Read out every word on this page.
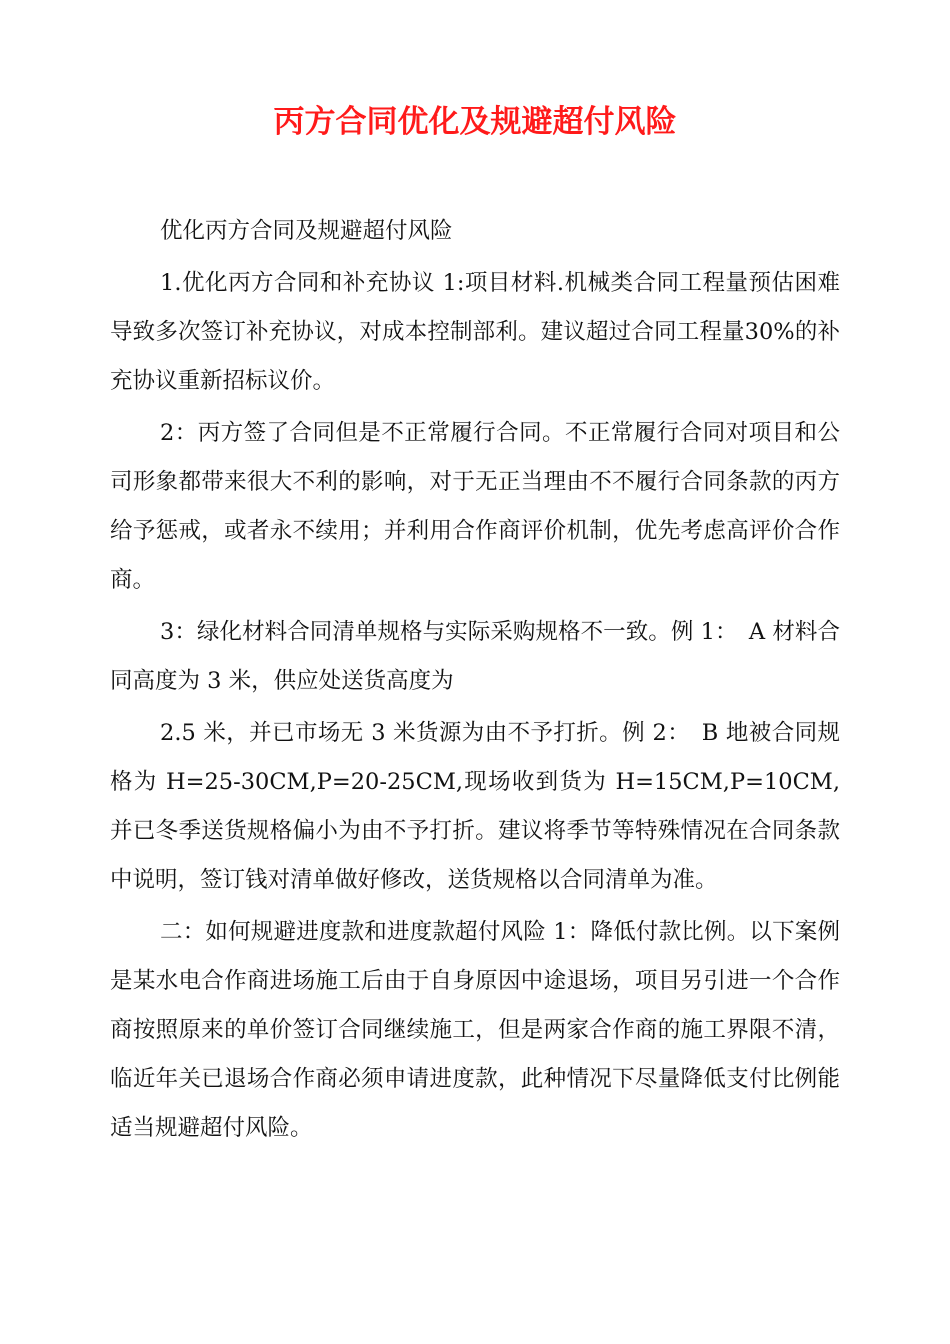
丙方合同优化及规避超付风险

优化丙方合同及规避超付风险

1.优化丙方合同和补充协议 1:项目材料.机械类合同工程量预估困难导致多次签订补充协议，对成本控制部利。建议超过合同工程量30%的补充协议重新招标议价。

2：丙方签了合同但是不正常履行合同。不正常履行合同对项目和公司形象都带来很大不利的影响，对于无正当理由不不履行合同条款的丙方给予惩戒，或者永不续用；并利用合作商评价机制，优先考虑高评价合作商。

3：绿化材料合同清单规格与实际采购规格不一致。例 1：　A 材料合同高度为 3 米，供应处送货高度为

2.5 米，并已市场无 3 米货源为由不予打折。例 2：　B 地被合同规格为 H=25-30CM,P=20-25CM,现场收到货为 H=15CM,P=10CM,并已冬季送货规格偏小为由不予打折。建议将季节等特殊情况在合同条款中说明，签订钱对清单做好修改，送货规格以合同清单为准。

二：如何规避进度款和进度款超付风险 1：降低付款比例。以下案例是某水电合作商进场施工后由于自身原因中途退场，项目另引进一个合作商按照原来的单价签订合同继续施工，但是两家合作商的施工界限不清，临近年关已退场合作商必须申请进度款，此种情况下尽量降低支付比例能适当规避超付风险。
